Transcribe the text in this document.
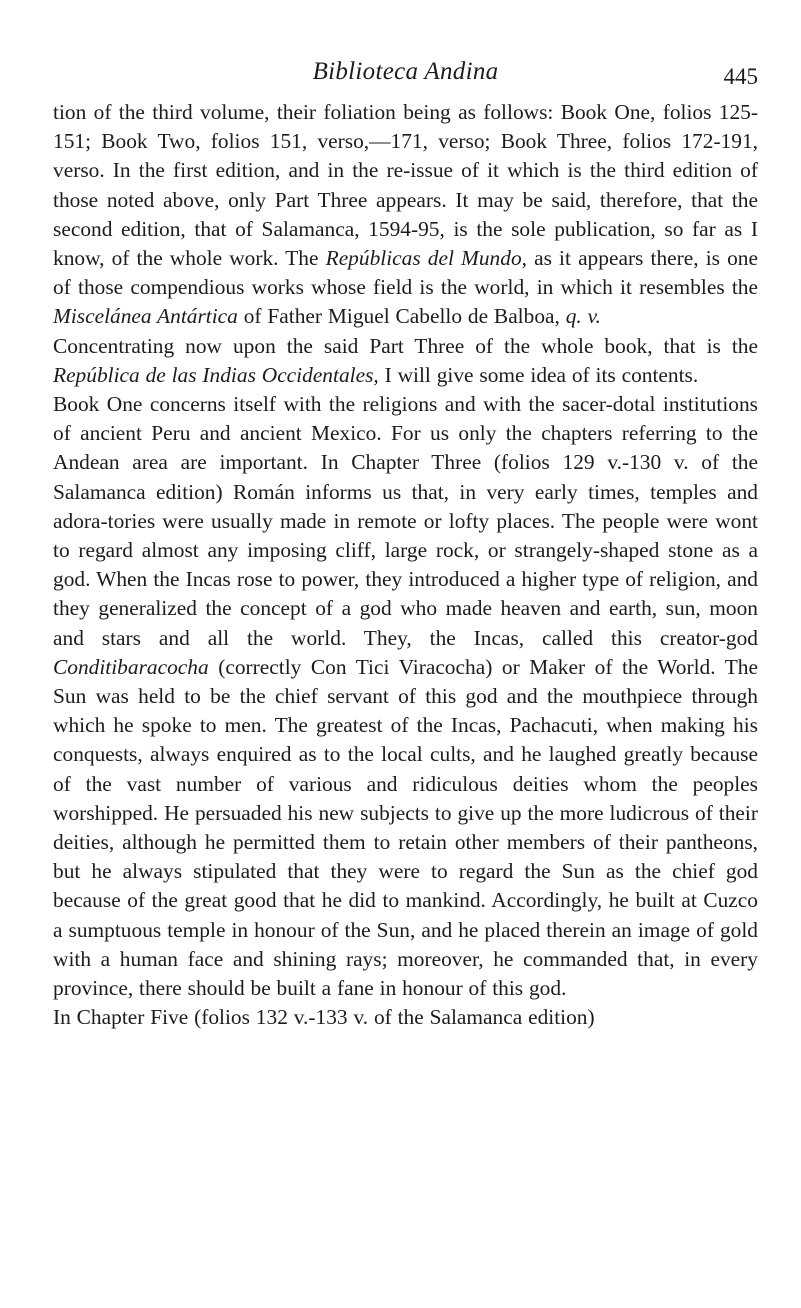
Biblioteca Andina	445

tion of the third volume, their foliation being as follows: Book One, folios 125-151; Book Two, folios 151, verso,—171, verso; Book Three, folios 172-191, verso. In the first edition, and in the re-issue of it which is the third edition of those noted above, only Part Three appears. It may be said, therefore, that the second edition, that of Salamanca, 1594-95, is the sole publication, so far as I know, of the whole work. The Repúblicas del Mundo, as it appears there, is one of those compendious works whose field is the world, in which it resembles the Miscelánea Antártica of Father Miguel Cabello de Balboa, q. v.

Concentrating now upon the said Part Three of the whole book, that is the República de las Indias Occidentales, I will give some idea of its contents.

Book One concerns itself with the religions and with the sacer-dotal institutions of ancient Peru and ancient Mexico. For us only the chapters referring to the Andean area are important. In Chapter Three (folios 129 v.-130 v. of the Salamanca edition) Román informs us that, in very early times, temples and adora-tories were usually made in remote or lofty places. The people were wont to regard almost any imposing cliff, large rock, or strangely-shaped stone as a god. When the Incas rose to power, they introduced a higher type of religion, and they generalized the concept of a god who made heaven and earth, sun, moon and stars and all the world. They, the Incas, called this creator-god Conditibaracocha (correctly Con Tici Viracocha) or Maker of the World. The Sun was held to be the chief servant of this god and the mouthpiece through which he spoke to men. The greatest of the Incas, Pachacuti, when making his conquests, always enquired as to the local cults, and he laughed greatly because of the vast number of various and ridiculous deities whom the peoples worshipped. He persuaded his new subjects to give up the more ludicrous of their deities, although he permitted them to retain other members of their pantheons, but he always stipulated that they were to regard the Sun as the chief god because of the great good that he did to mankind. Accordingly, he built at Cuzco a sumptuous temple in honour of the Sun, and he placed therein an image of gold with a human face and shining rays; moreover, he commanded that, in every province, there should be built a fane in honour of this god.

In Chapter Five (folios 132 v.-133 v. of the Salamanca edition)
